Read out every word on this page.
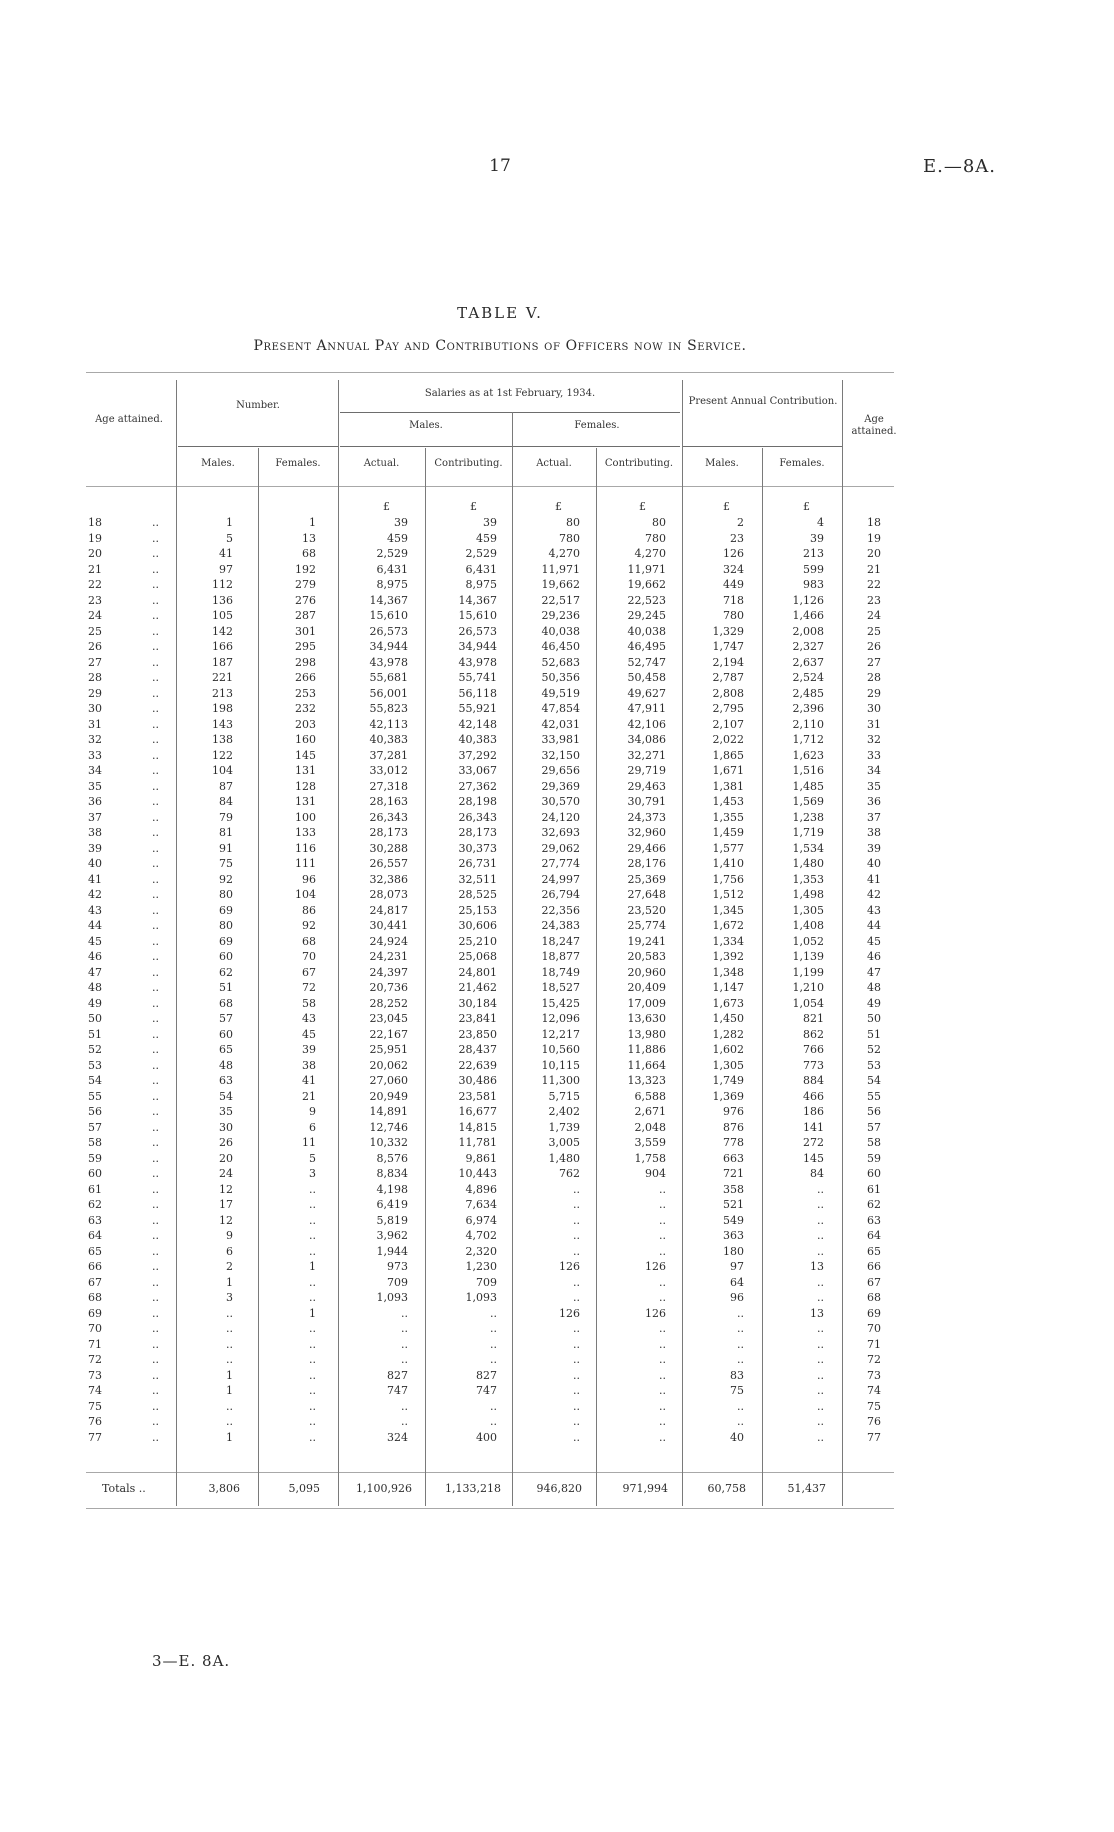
17	E.—8A.
TABLE V.
Present Annual Pay and Contributions of Officers now in Service.
Age attained.
Number.
Salaries as at 1st February, 1934.
Males.	Females.
Present Annual Contribution.
Age attained.
Males.	Females.	Actual.	Contributing.	Actual.	Contributing.	Males.	Females.
£	£	£	£	£	£
18	..	1	1	39	39	80	80	2	4	18
19	..	5	13	459	459	780	780	23	39	19
20	..	41	68	2,529	2,529	4,270	4,270	126	213	20
21	..	97	192	6,431	6,431	11,971	11,971	324	599	21
22	..	112	279	8,975	8,975	19,662	19,662	449	983	22
23	..	136	276	14,367	14,367	22,517	22,523	718	1,126	23
24	..	105	287	15,610	15,610	29,236	29,245	780	1,466	24
25	..	142	301	26,573	26,573	40,038	40,038	1,329	2,008	25
26	..	166	295	34,944	34,944	46,450	46,495	1,747	2,327	26
27	..	187	298	43,978	43,978	52,683	52,747	2,194	2,637	27
28	..	221	266	55,681	55,741	50,356	50,458	2,787	2,524	28
29	..	213	253	56,001	56,118	49,519	49,627	2,808	2,485	29
30	..	198	232	55,823	55,921	47,854	47,911	2,795	2,396	30
31	..	143	203	42,113	42,148	42,031	42,106	2,107	2,110	31
32	..	138	160	40,383	40,383	33,981	34,086	2,022	1,712	32
33	..	122	145	37,281	37,292	32,150	32,271	1,865	1,623	33
34	..	104	131	33,012	33,067	29,656	29,719	1,671	1,516	34
35	..	87	128	27,318	27,362	29,369	29,463	1,381	1,485	35
36	..	84	131	28,163	28,198	30,570	30,791	1,453	1,569	36
37	..	79	100	26,343	26,343	24,120	24,373	1,355	1,238	37
38	..	81	133	28,173	28,173	32,693	32,960	1,459	1,719	38
39	..	91	116	30,288	30,373	29,062	29,466	1,577	1,534	39
40	..	75	111	26,557	26,731	27,774	28,176	1,410	1,480	40
41	..	92	96	32,386	32,511	24,997	25,369	1,756	1,353	41
42	..	80	104	28,073	28,525	26,794	27,648	1,512	1,498	42
43	..	69	86	24,817	25,153	22,356	23,520	1,345	1,305	43
44	..	80	92	30,441	30,606	24,383	25,774	1,672	1,408	44
45	..	69	68	24,924	25,210	18,247	19,241	1,334	1,052	45
46	..	60	70	24,231	25,068	18,877	20,583	1,392	1,139	46
47	..	62	67	24,397	24,801	18,749	20,960	1,348	1,199	47
48	..	51	72	20,736	21,462	18,527	20,409	1,147	1,210	48
49	..	68	58	28,252	30,184	15,425	17,009	1,673	1,054	49
50	..	57	43	23,045	23,841	12,096	13,630	1,450	821	50
51	..	60	45	22,167	23,850	12,217	13,980	1,282	862	51
52	..	65	39	25,951	28,437	10,560	11,886	1,602	766	52
53	..	48	38	20,062	22,639	10,115	11,664	1,305	773	53
54	..	63	41	27,060	30,486	11,300	13,323	1,749	884	54
55	..	54	21	20,949	23,581	5,715	6,588	1,369	466	55
56	..	35	9	14,891	16,677	2,402	2,671	976	186	56
57	..	30	6	12,746	14,815	1,739	2,048	876	141	57
58	..	26	11	10,332	11,781	3,005	3,559	778	272	58
59	..	20	5	8,576	9,861	1,480	1,758	663	145	59
60	..	24	3	8,834	10,443	762	904	721	84	60
61	..	12	..	4,198	4,896	..	..	358	..	61
62	..	17	..	6,419	7,634	..	..	521	..	62
63	..	12	..	5,819	6,974	..	..	549	..	63
64	..	9	..	3,962	4,702	..	..	363	..	64
65	..	6	..	1,944	2,320	..	..	180	..	65
66	..	2	1	973	1,230	126	126	97	13	66
67	..	1	..	709	709	..	..	64	..	67
68	..	3	..	1,093	1,093	..	..	96	..	68
69	..	..	1	..	..	126	126	..	13	69
70	..	..	..	..	..	..	..	..	..	70
71	..	..	..	..	..	..	..	..	..	71
72	..	..	..	..	..	..	..	..	..	72
73	..	1	..	827	827	..	..	83	..	73
74	..	1	..	747	747	..	..	75	..	74
75	..	..	..	..	..	..	..	..	..	75
76	..	..	..	..	..	..	..	..	..	76
77	..	1	..	324	400	..	..	40	..	77
Totals ..	3,806	5,095	1,100,926	1,133,218	946,820	971,994	60,758	51,437
3—E. 8A.
